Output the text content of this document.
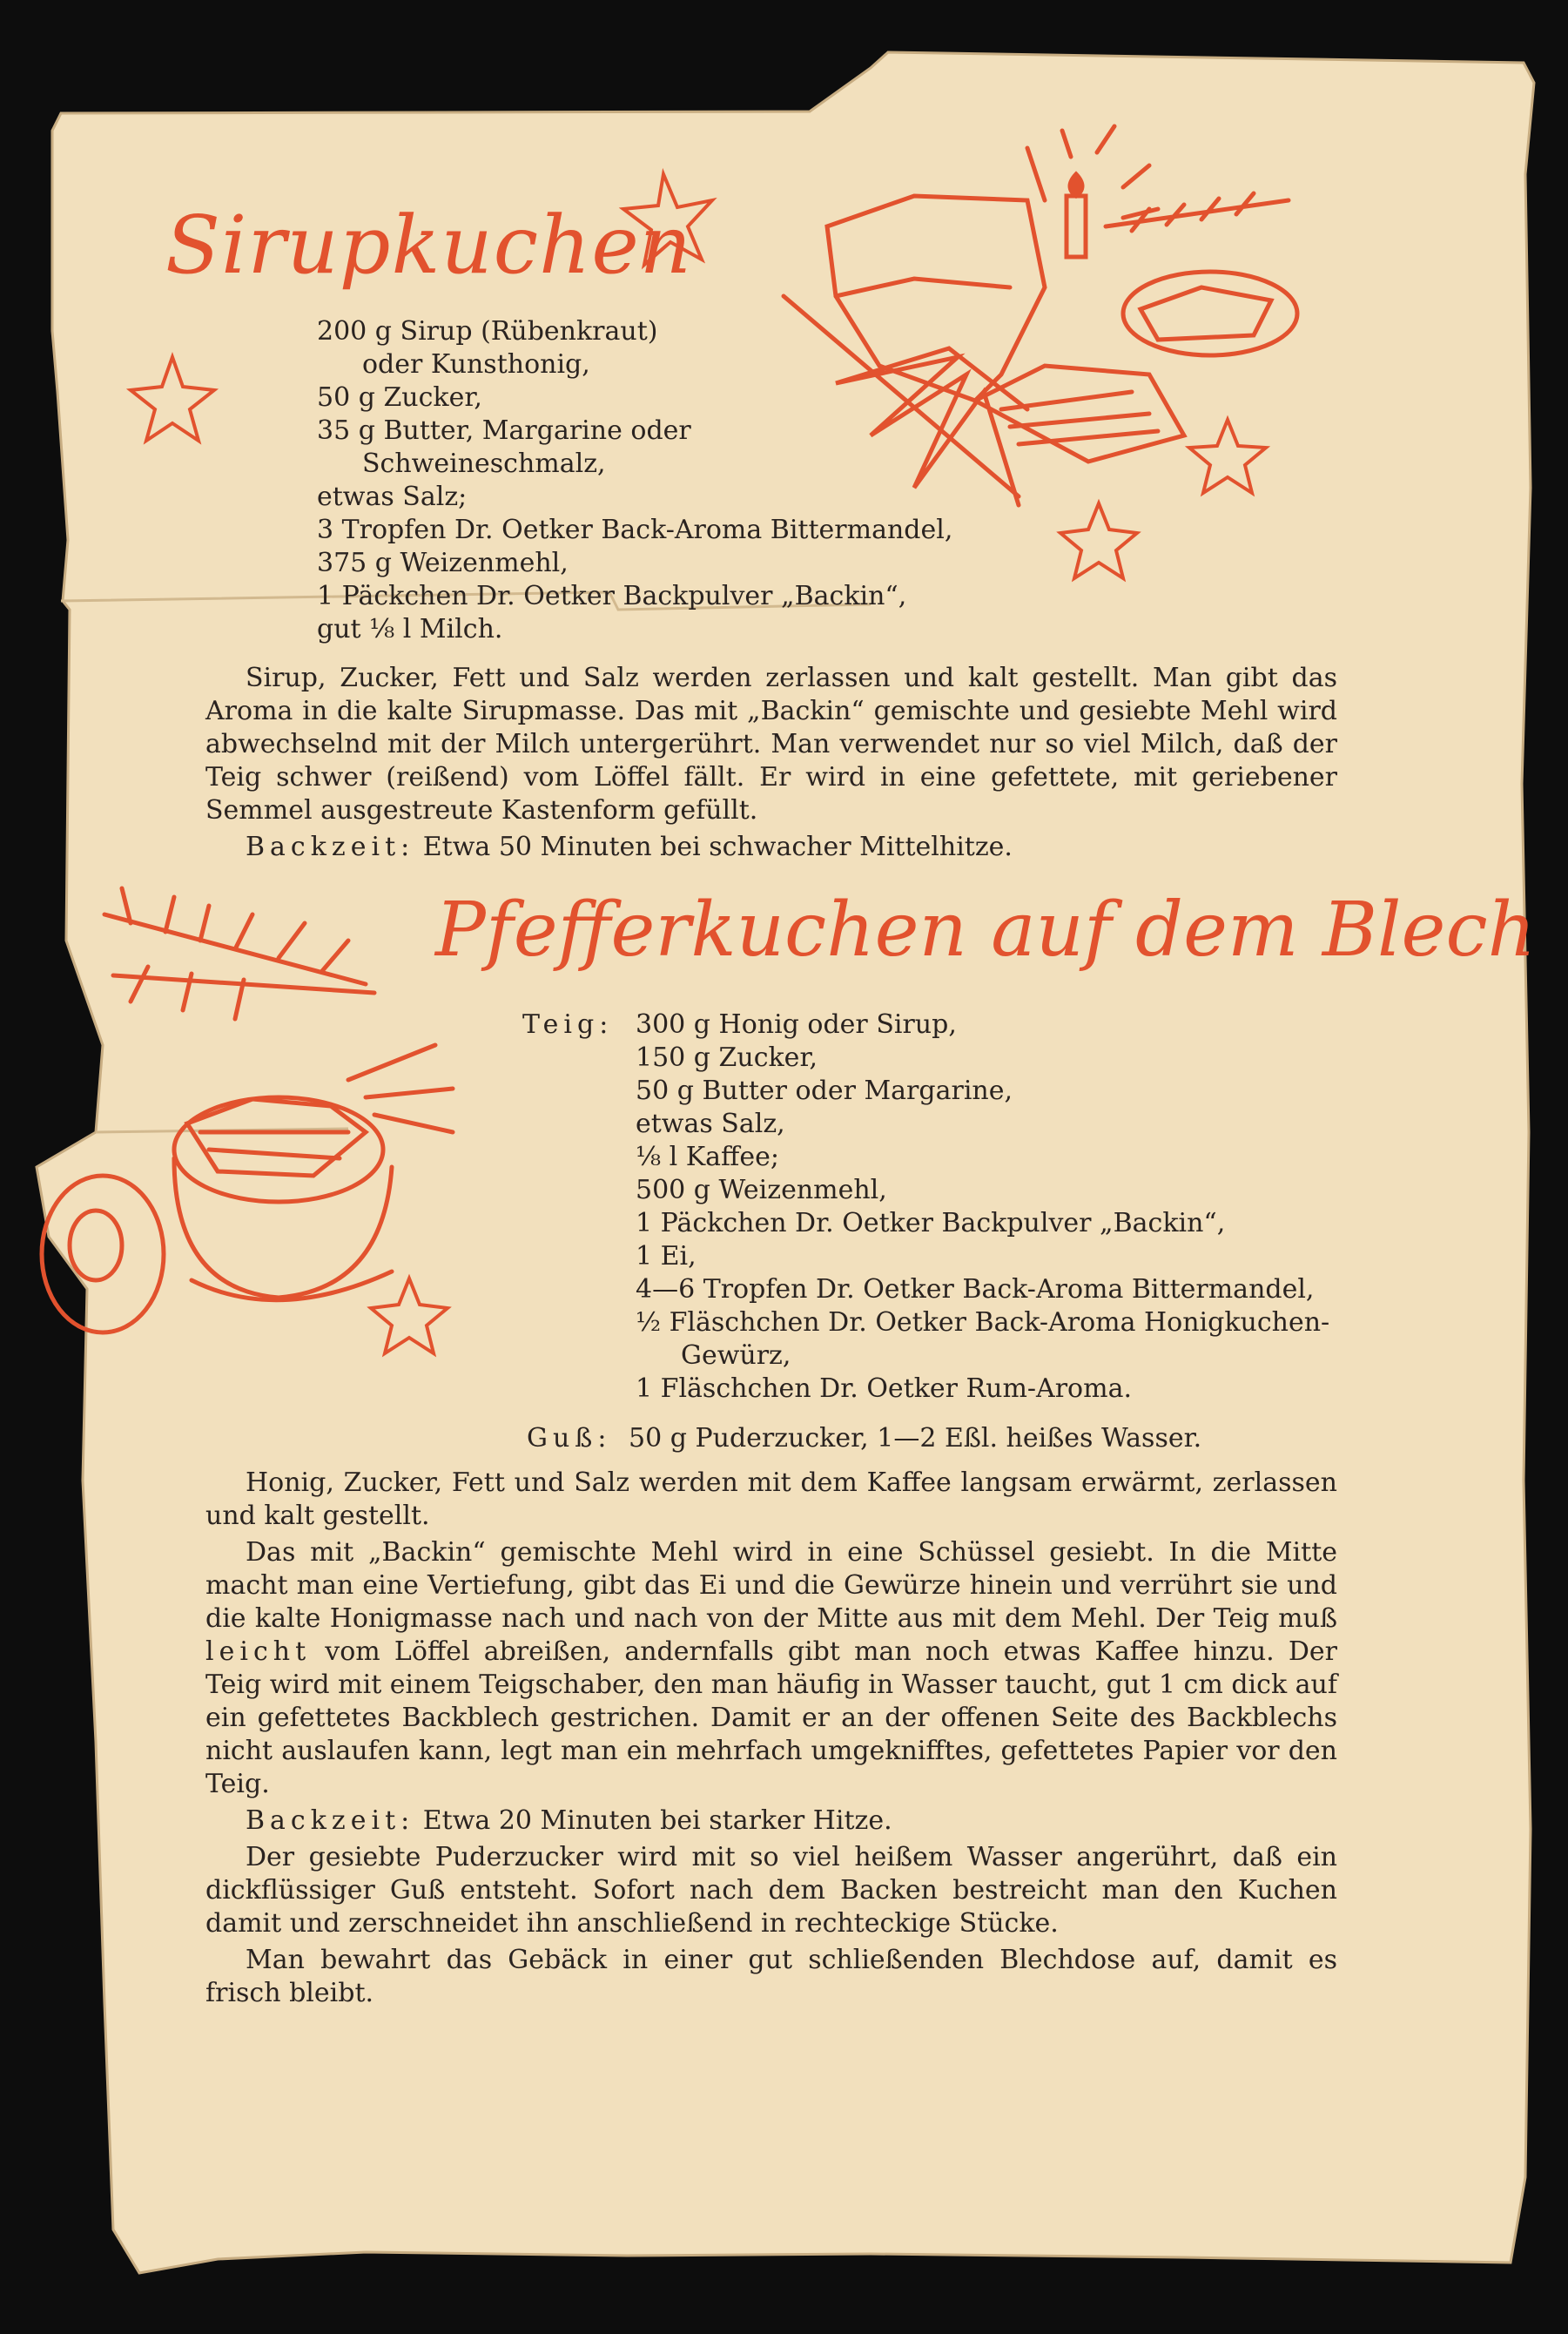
Sirupkuchen
200 g Sirup (Rübenkraut)
oder Kunsthonig,
50 g Zucker,
35 g Butter, Margarine oder
Schweineschmalz,
etwas Salz;
3 Tropfen Dr. Oetker Back-Aroma Bittermandel,
375 g Weizenmehl,
1 Päckchen Dr. Oetker Backpulver „Backin“,
gut ⅛ l Milch.

Sirup, Zucker, Fett und Salz werden zerlassen und kalt gestellt. Man gibt das Aroma in die kalte Sirupmasse. Das mit „Backin“ gemischte und gesiebte Mehl wird abwechselnd mit der Milch untergerührt. Man verwendet nur so viel Milch, daß der Teig schwer (reißend) vom Löffel fällt. Er wird in eine gefettete, mit geriebener Semmel ausgestreute Kastenform gefüllt.

Backzeit: Etwa 50 Minuten bei schwacher Mittelhitze.

Pfefferkuchen auf dem Blech
Teig: 300 g Honig oder Sirup,
150 g Zucker,
50 g Butter oder Margarine,
etwas Salz,
⅛ l Kaffee;
500 g Weizenmehl,
1 Päckchen Dr. Oetker Backpulver „Backin“,
1 Ei,
4—6 Tropfen Dr. Oetker Back-Aroma Bittermandel,
½ Fläschchen Dr. Oetker Back-Aroma Honigkuchen-
Gewürz,
1 Fläschchen Dr. Oetker Rum-Aroma.
Guß: 50 g Puderzucker, 1—2 Eßl. heißes Wasser.

Honig, Zucker, Fett und Salz werden mit dem Kaffee langsam erwärmt, zerlassen und kalt gestellt.

Das mit „Backin“ gemischte Mehl wird in eine Schüssel gesiebt. In die Mitte macht man eine Vertiefung, gibt das Ei und die Gewürze hinein und verrührt sie und die kalte Honigmasse nach und nach von der Mitte aus mit dem Mehl. Der Teig muß leicht vom Löffel abreißen, andernfalls gibt man noch etwas Kaffee hinzu. Der Teig wird mit einem Teigschaber, den man häufig in Wasser taucht, gut 1 cm dick auf ein gefettetes Backblech gestrichen. Damit er an der offenen Seite des Backblechs nicht auslaufen kann, legt man ein mehrfach umgeknifftes, gefettetes Papier vor den Teig.

Backzeit: Etwa 20 Minuten bei starker Hitze.

Der gesiebte Puderzucker wird mit so viel heißem Wasser angerührt, daß ein dickflüssiger Guß entsteht. Sofort nach dem Backen bestreicht man den Kuchen damit und zerschneidet ihn anschließend in rechteckige Stücke.

Man bewahrt das Gebäck in einer gut schließenden Blechdose auf, damit es frisch bleibt.
